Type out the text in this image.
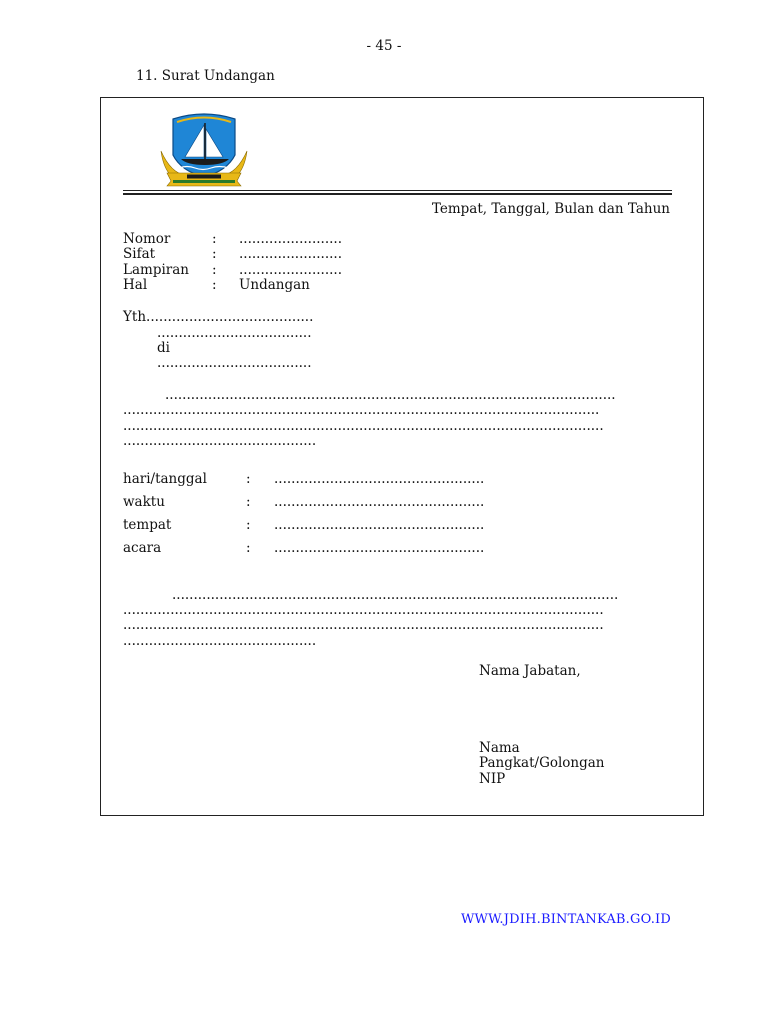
- 45 -
11. Surat Undangan
Tempat, Tanggal, Bulan dan Tahun
Nomor	: ........................
Sifat	: ........................
Lampiran : ........................
Hal	: Undangan
Yth.......................................
....................................
di
....................................
.........................................................................................................
...............................................................................................................
................................................................................................................
.............................................
hari/tanggal	: .................................................
waktu	: .................................................
tempat	: .................................................
acara	: .................................................
........................................................................................................
................................................................................................................
................................................................................................................
.............................................
Nama Jabatan,
Nama
Pangkat/Golongan
NIP
WWW.JDIH.BINTANKAB.GO.ID
